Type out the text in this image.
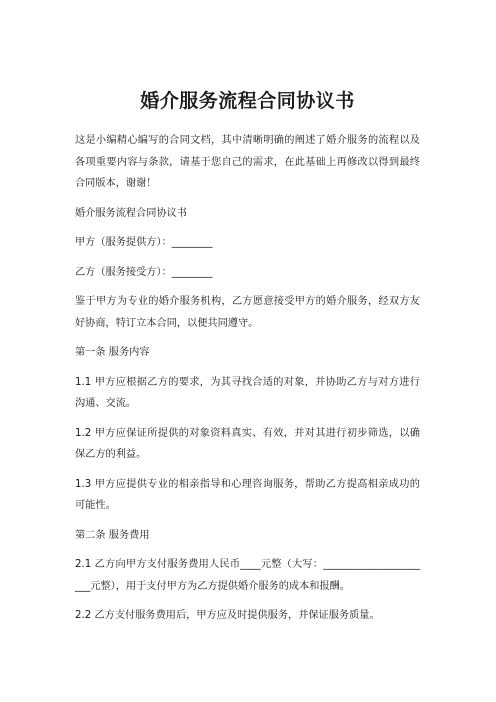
婚介服务流程合同协议书

这是小编精心编写的合同文档，其中清晰明确的阐述了婚介服务的流程以及各项重要内容与条款，请基于您自己的需求，在此基础上再修改以得到最终合同版本，谢谢！

婚介服务流程合同协议书

甲方（服务提供方）：________

乙方（服务接受方）：________

鉴于甲方为专业的婚介服务机构，乙方愿意接受甲方的婚介服务，经双方友好协商，特订立本合同，以便共同遵守。

第一条 服务内容

1.1 甲方应根据乙方的要求，为其寻找合适的对象，并协助乙方与对方进行沟通、交流。

1.2 甲方应保证所提供的对象资料真实、有效，并对其进行初步筛选，以确保乙方的利益。

1.3 甲方应提供专业的相亲指导和心理咨询服务，帮助乙方提高相亲成功的可能性。

第二条 服务费用

2.1 乙方向甲方支付服务费用人民币____元整（大写：______________________元整），用于支付甲方为乙方提供婚介服务的成本和报酬。

2.2 乙方支付服务费用后，甲方应及时提供服务，并保证服务质量。
